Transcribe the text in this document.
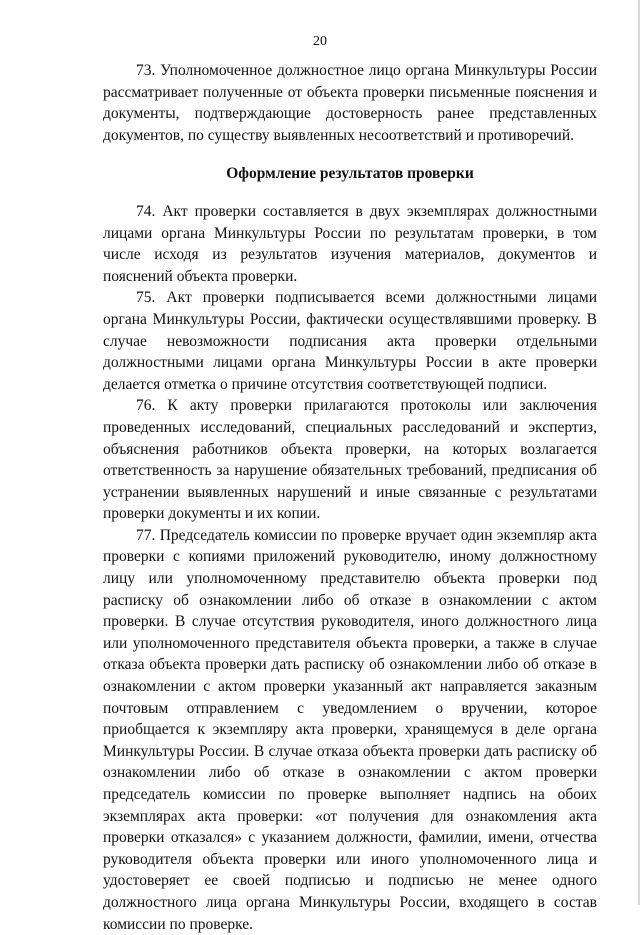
20

73. Уполномоченное должностное лицо органа Минкультуры России рассматривает полученные от объекта проверки письменные пояснения и документы, подтверждающие достоверность ранее представленных документов, по существу выявленных несоответствий и противоречий.

Оформление результатов проверки

74. Акт проверки составляется в двух экземплярах должностными лицами органа Минкультуры России по результатам проверки, в том числе исходя из результатов изучения материалов, документов и пояснений объекта проверки.

75. Акт проверки подписывается всеми должностными лицами органа Минкультуры России, фактически осуществлявшими проверку. В случае невозможности подписания акта проверки отдельными должностными лицами органа Минкультуры России в акте проверки делается отметка о причине отсутствия соответствующей подписи.

76. К акту проверки прилагаются протоколы или заключения проведенных исследований, специальных расследований и экспертиз, объяснения работников объекта проверки, на которых возлагается ответственность за нарушение обязательных требований, предписания об устранении выявленных нарушений и иные связанные с результатами проверки документы и их копии.

77. Председатель комиссии по проверке вручает один экземпляр акта проверки с копиями приложений руководителю, иному должностному лицу или уполномоченному представителю объекта проверки под расписку об ознакомлении либо об отказе в ознакомлении с актом проверки. В случае отсутствия руководителя, иного должностного лица или уполномоченного представителя объекта проверки, а также в случае отказа объекта проверки дать расписку об ознакомлении либо об отказе в ознакомлении с актом проверки указанный акт направляется заказным почтовым отправлением с уведомлением о вручении, которое приобщается к экземпляру акта проверки, хранящемуся в деле органа Минкультуры России. В случае отказа объекта проверки дать расписку об ознакомлении либо об отказе в ознакомлении с актом проверки председатель комиссии по проверке выполняет надпись на обоих экземплярах акта проверки: «от получения для ознакомления акта проверки отказался» с указанием должности, фамилии, имени, отчества руководителя объекта проверки или иного уполномоченного лица и удостоверяет ее своей подписью и подписью не менее одного должностного лица органа Минкультуры России, входящего в состав комиссии по проверке.
